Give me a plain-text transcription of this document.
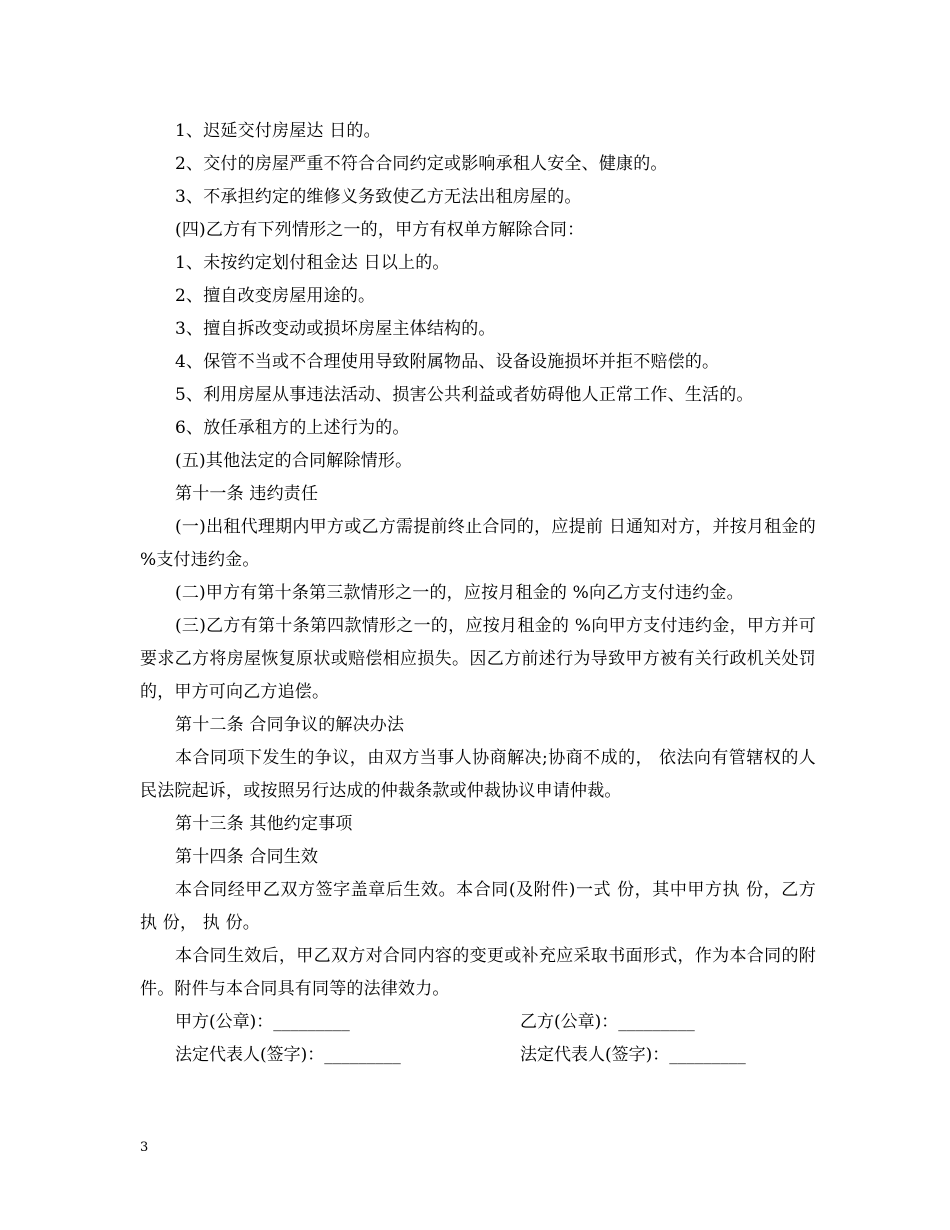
1、迟延交付房屋达 日的。

2、交付的房屋严重不符合合同约定或影响承租人安全、健康的。

3、不承担约定的维修义务致使乙方无法出租房屋的。

(四)乙方有下列情形之一的，甲方有权单方解除合同：

1、未按约定划付租金达 日以上的。

2、擅自改变房屋用途的。

3、擅自拆改变动或损坏房屋主体结构的。

4、保管不当或不合理使用导致附属物品、设备设施损坏并拒不赔偿的。

5、利用房屋从事违法活动、损害公共利益或者妨碍他人正常工作、生活的。

6、放任承租方的上述行为的。

(五)其他法定的合同解除情形。

第十一条 违约责任

(一)出租代理期内甲方或乙方需提前终止合同的，应提前 日通知对方，并按月租金的 %支付违约金。

(二)甲方有第十条第三款情形之一的，应按月租金的 %向乙方支付违约金。

(三)乙方有第十条第四款情形之一的，应按月租金的 %向甲方支付违约金，甲方并可要求乙方将房屋恢复原状或赔偿相应损失。因乙方前述行为导致甲方被有关行政机关处罚的，甲方可向乙方追偿。

第十二条 合同争议的解决办法

本合同项下发生的争议，由双方当事人协商解决;协商不成的， 依法向有管辖权的人民法院起诉，或按照另行达成的仲裁条款或仲裁协议申请仲裁。

第十三条 其他约定事项

第十四条 合同生效

本合同经甲乙双方签字盖章后生效。本合同(及附件)一式 份，其中甲方执 份，乙方执 份， 执 份。

本合同生效后，甲乙双方对合同内容的变更或补充应采取书面形式，作为本合同的附件。附件与本合同具有同等的法律效力。

甲方(公章)：_________	乙方(公章)：_________
法定代表人(签字)：_________	法定代表人(签字)：_________
3
